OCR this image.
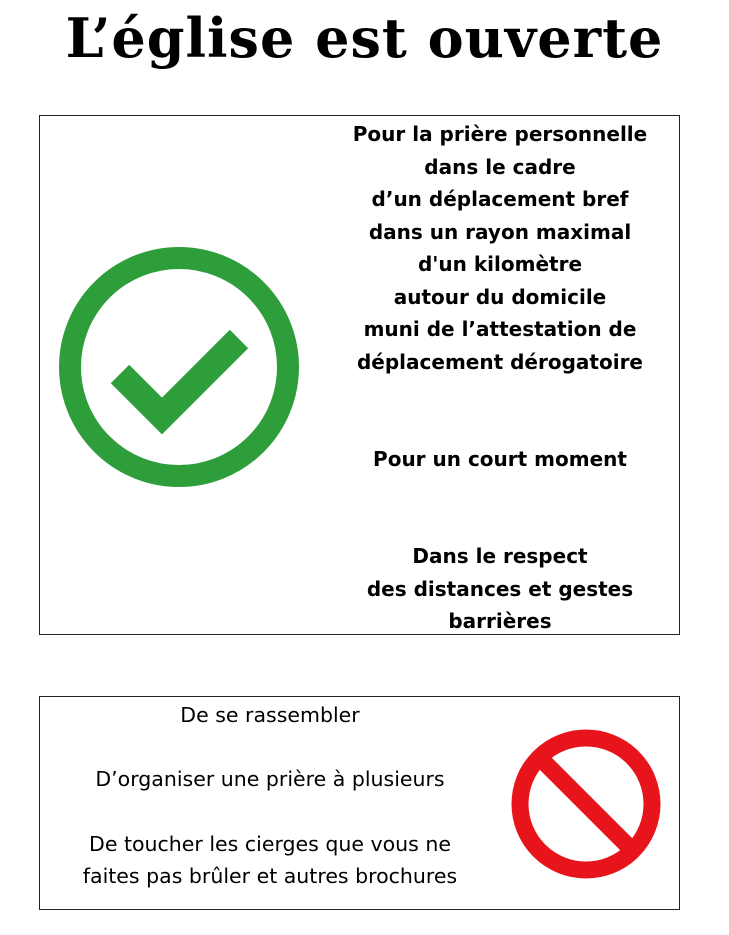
L’église est ouverte
Pour la prière personnelle
dans le cadre
d’un déplacement bref
dans un rayon maximal
d'un kilomètre
autour du domicile
muni de l’attestation de
déplacement dérogatoire
Pour un court moment
Dans le respect
des distances et gestes
barrières
De se rassembler
D’organiser une prière à plusieurs
De toucher les cierges que vous ne
faites pas brûler et autres brochures
